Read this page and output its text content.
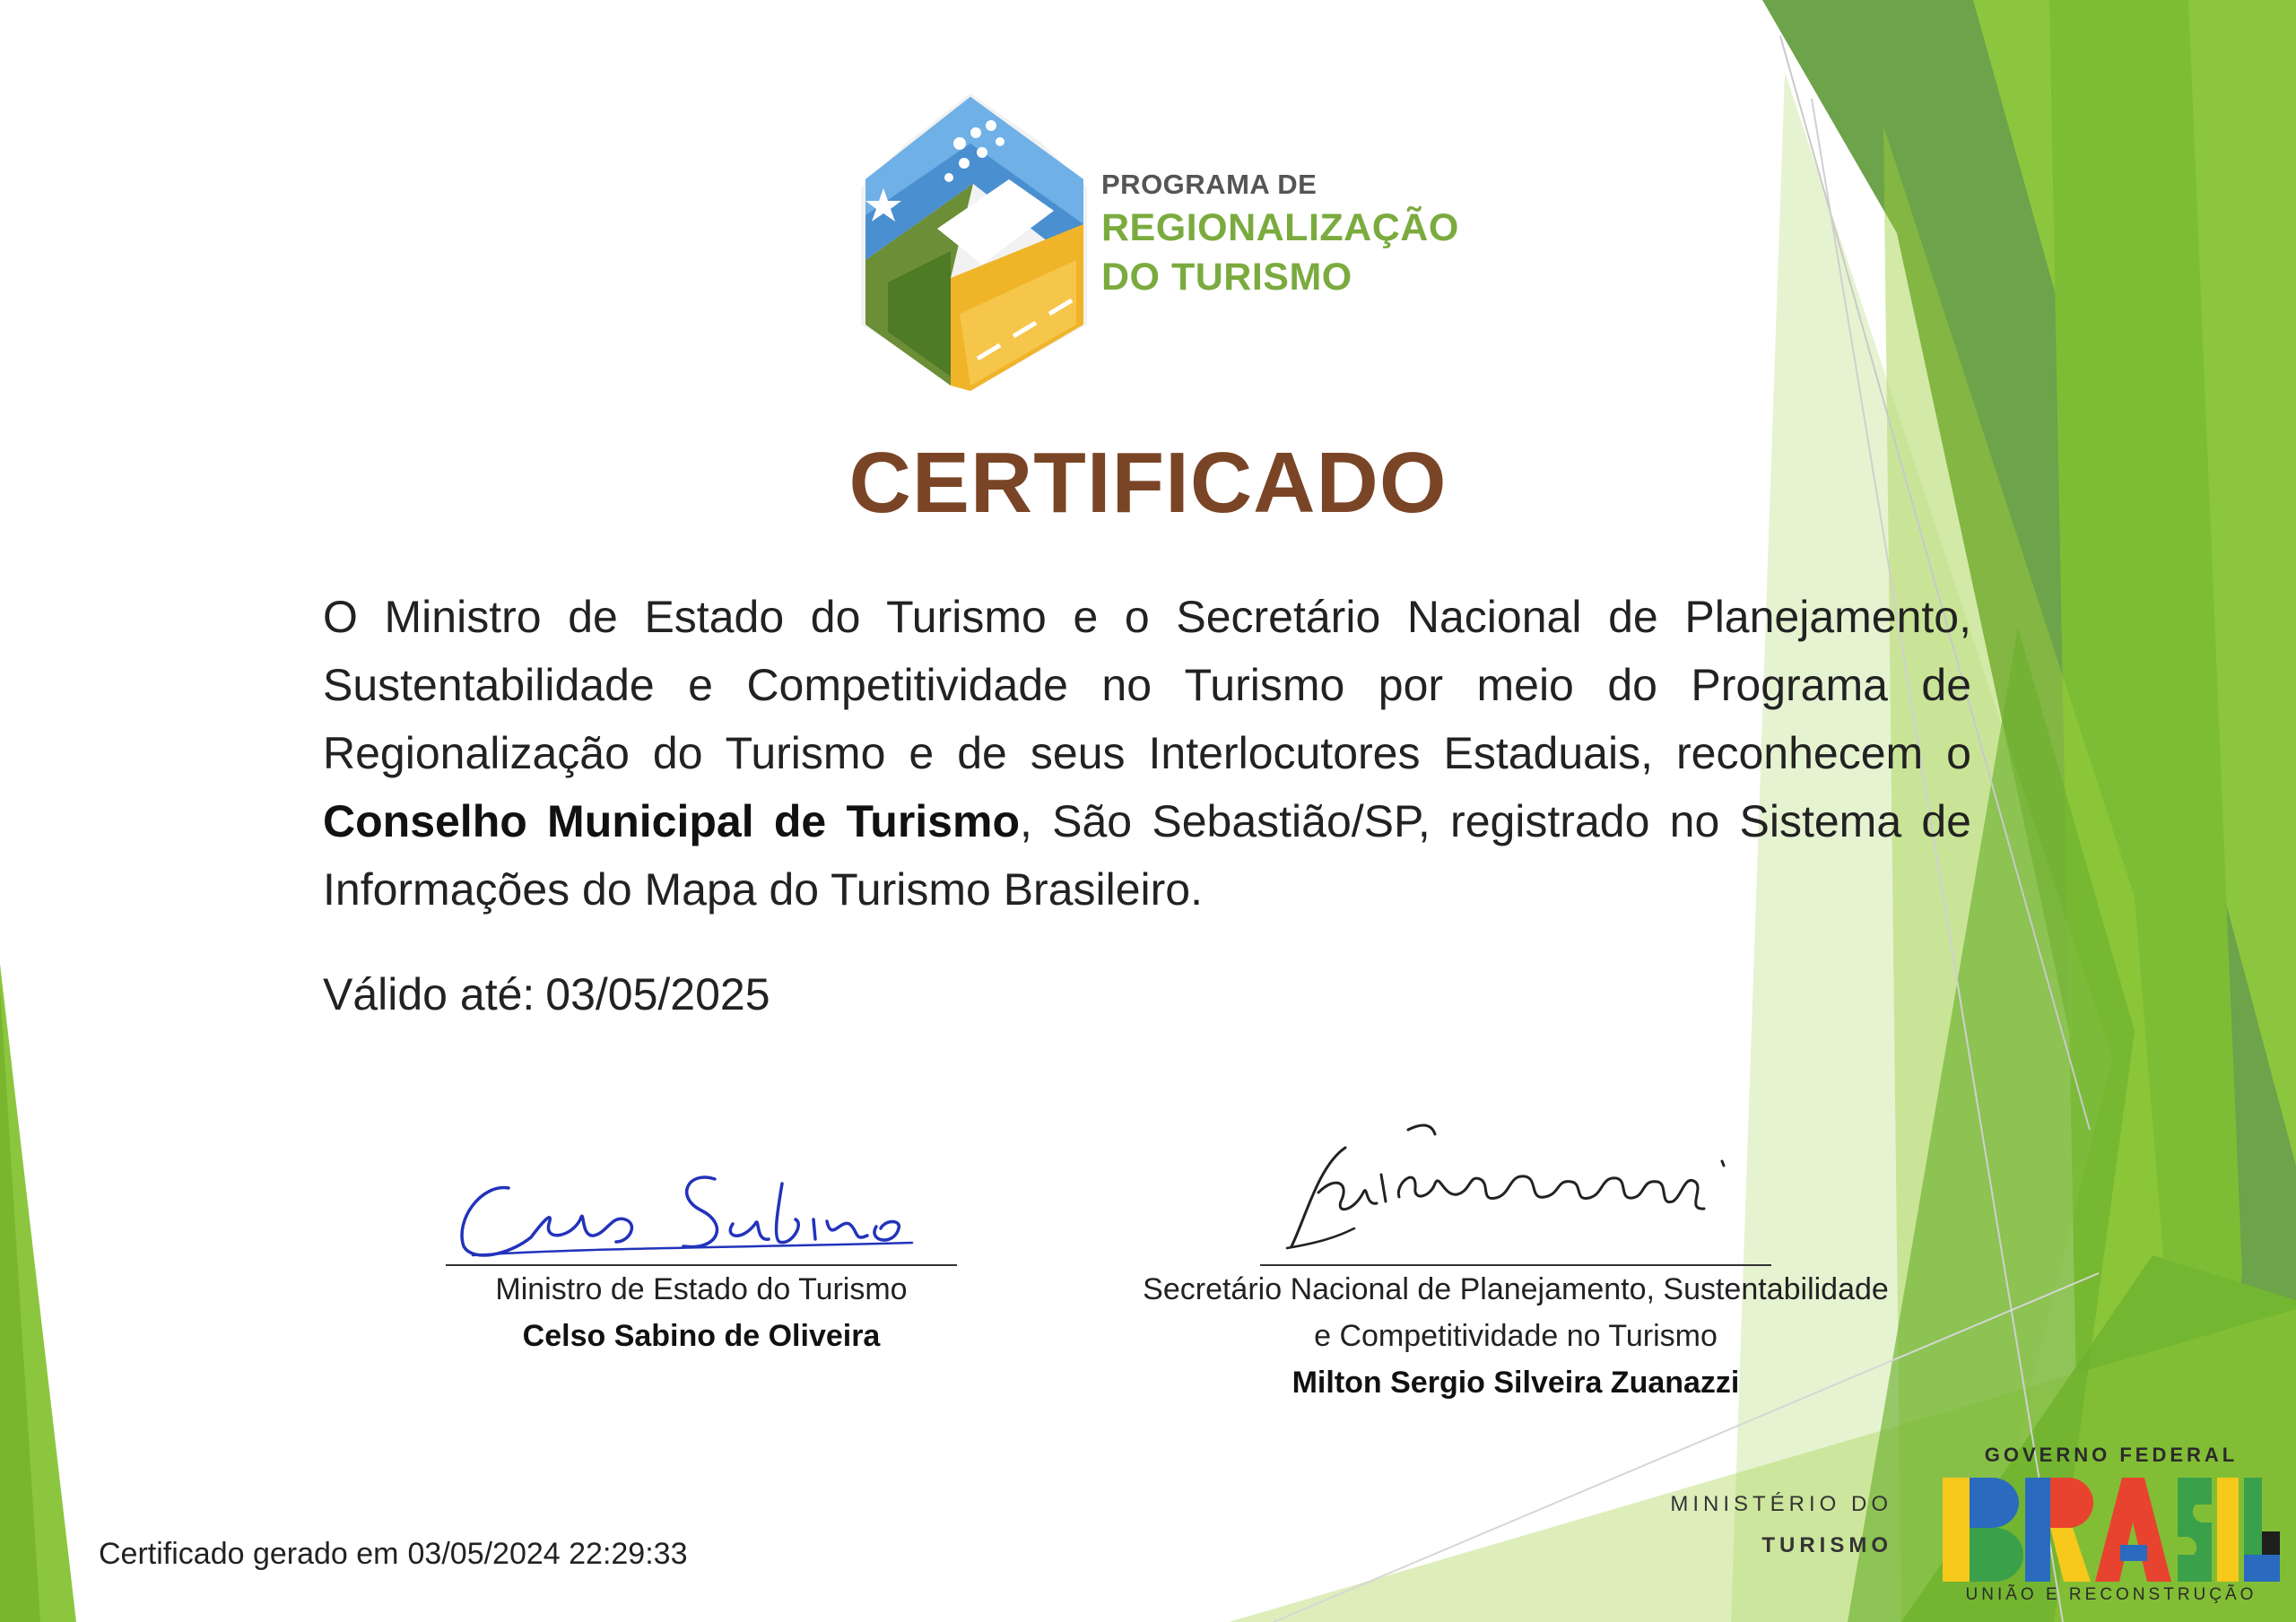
PROGRAMA DE
REGIONALIZAÇÃO
DO TURISMO
CERTIFICADO

O Ministro de Estado do Turismo e o Secretário Nacional de Planejamento, Sustentabilidade e Competitividade no Turismo por meio do Programa de Regionalização do Turismo e de seus Interlocutores Estaduais, reconhecem o Conselho Municipal de Turismo, São Sebastião/SP, registrado no Sistema de Informações do Mapa do Turismo Brasileiro.

Válido até: 03/05/2025
Ministro de Estado do Turismo
Celso Sabino de Oliveira
Secretário Nacional de Planejamento, Sustentabilidade
e Competitividade no Turismo
Milton Sergio Silveira Zuanazzi
Certificado gerado em 03/05/2024 22:29:33
MINISTÉRIO DO
TURISMO
GOVERNO FEDERAL
UNIÃO E RECONSTRUÇÃO
